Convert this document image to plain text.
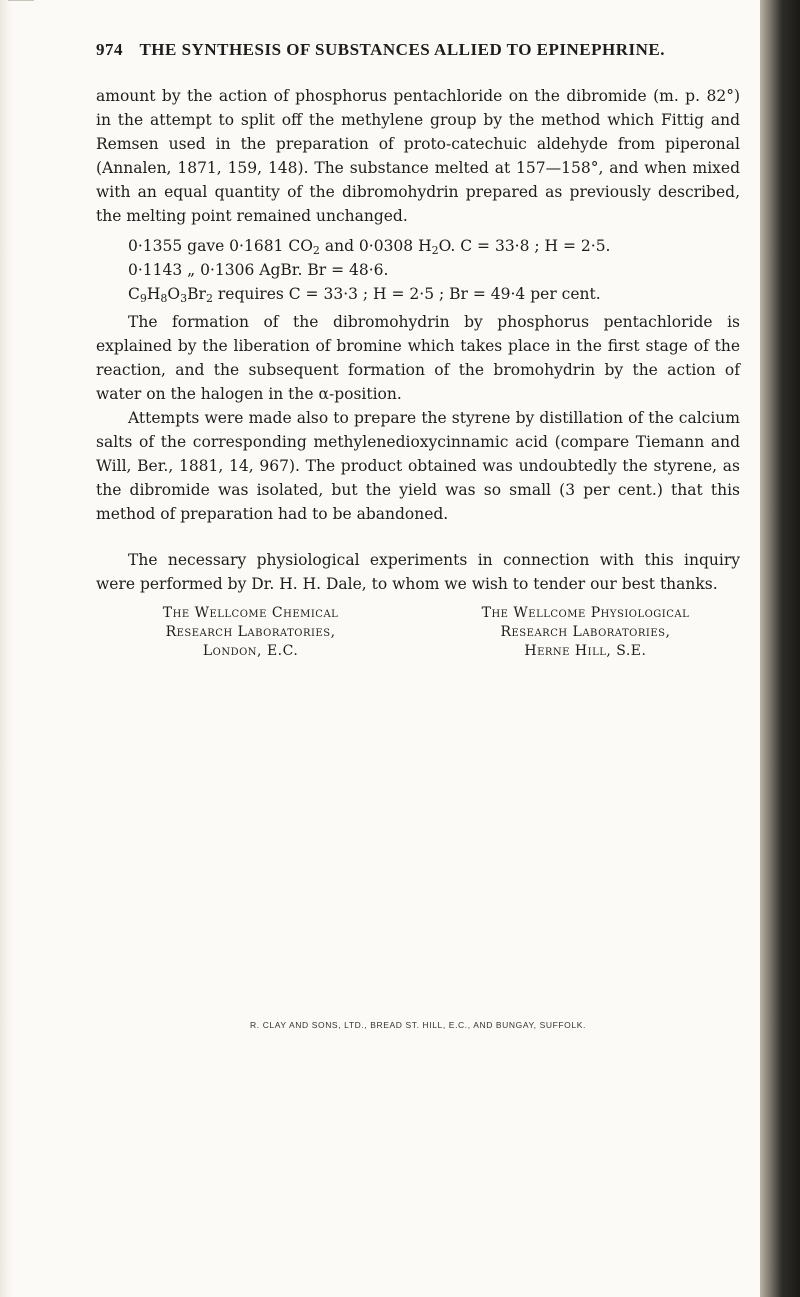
974 THE SYNTHESIS OF SUBSTANCES ALLIED TO EPINEPHRINE.

amount by the action of phosphorus pentachloride on the dibromide (m. p. 82°) in the attempt to split off the methylene group by the method which Fittig and Remsen used in the preparation of proto-catechuic aldehyde from piperonal (Annalen, 1871, 159, 148). The substance melted at 157—158°, and when mixed with an equal quantity of the dibromohydrin prepared as previously described, the melting point remained unchanged.

0·1355 gave 0·1681 $CO_2$ and 0·0308 $H_2O$. C = 33·8 ; H = 2·5.
0·1143 „ 0·1306 AgBr. Br = 48·6.
$C_9H_8O_3Br_2$ requires C = 33·3 ; H = 2·5 ; Br = 49·4 per cent.

The formation of the dibromohydrin by phosphorus pentachloride is explained by the liberation of bromine which takes place in the first stage of the reaction, and the subsequent formation of the bromohydrin by the action of water on the halogen in the α-position.

Attempts were made also to prepare the styrene by distillation of the calcium salts of the corresponding methylenedioxycinnamic acid (compare Tiemann and Will, Ber., 1881, 14, 967). The product obtained was undoubtedly the styrene, as the dibromide was isolated, but the yield was so small (3 per cent.) that this method of preparation had to be abandoned.

The necessary physiological experiments in connection with this inquiry were performed by Dr. H. H. Dale, to whom we wish to tender our best thanks.

The Wellcome Chemical
Research Laboratories,
London, E.C.
The Wellcome Physiological
Research Laboratories,
Herne Hill, S.E.
R. CLAY AND SONS, LTD., BREAD ST. HILL, E.C., AND BUNGAY, SUFFOLK.
